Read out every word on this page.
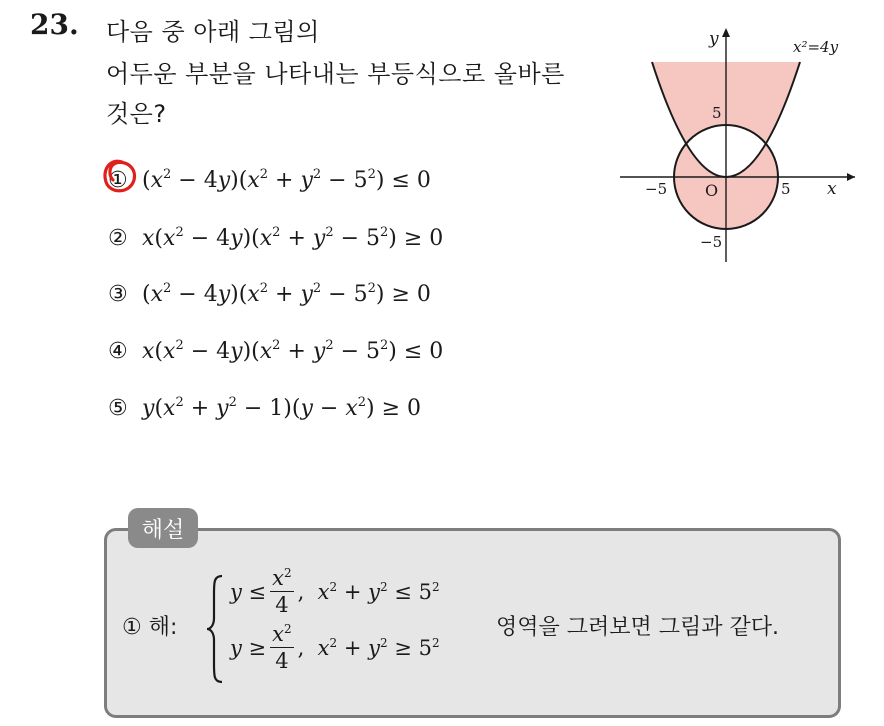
23. 다음 중 아래 그림의
어두운 부분을 나타내는 부등식으로 올바른
것은?
① $(x^2 - 4y)(x^2 + y^2 - 5^2) \le 0$
② $x(x^2 - 4y)(x^2 + y^2 - 5^2) \ge 0$
③ $(x^2 - 4y)(x^2 + y^2 - 5^2) \ge 0$
④ $x(x^2 - 4y)(x^2 + y^2 - 5^2) \le 0$
⑤ $y(x^2 + y^2 - 1)(y - x^2) \ge 0$
y
x
x²=4y
O
5
−5
−5	5
해설
① 해:
$y \le \frac{x^2}{4}$ ,  $x^2 + y^2 \le 5^2$
$y \ge \frac{x^2}{4}$ ,  $x^2 + y^2 \ge 5^2$
영역을 그려보면 그림과 같다.
